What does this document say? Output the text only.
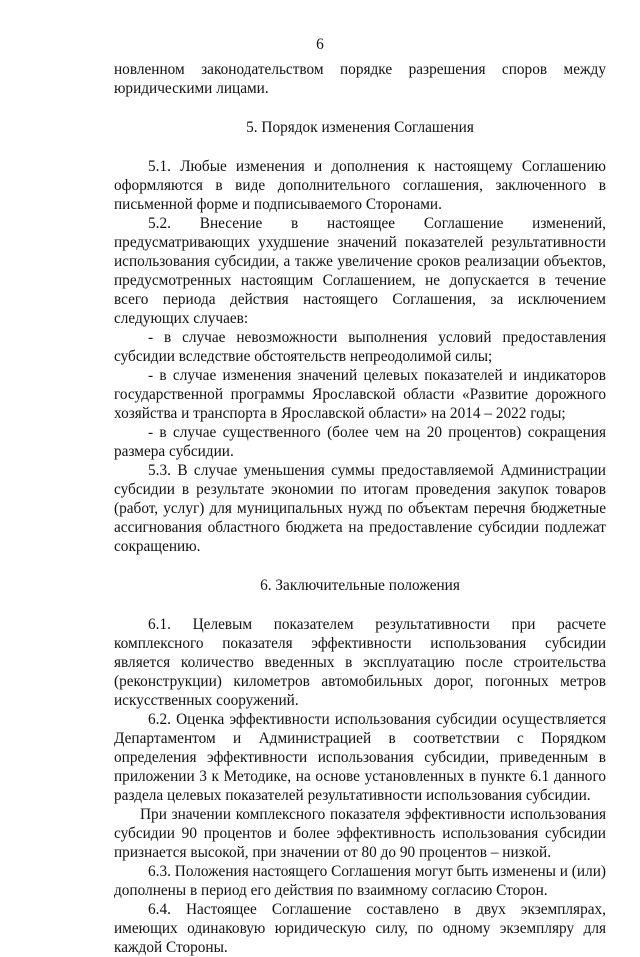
6

новленном законодательством порядке разрешения споров между юридическими лицами.

5. Порядок изменения Соглашения

5.1. Любые изменения и дополнения к настоящему Соглашению оформляются в виде дополнительного соглашения, заключенного в письменной форме и подписываемого Сторонами.

5.2. Внесение в настоящее Соглашение изменений, предусматривающих ухудшение значений показателей результативности использования субсидии, а также увеличение сроков реализации объектов, предусмотренных настоящим Соглашением, не допускается в течение всего периода действия настоящего Соглашения, за исключением следующих случаев:

- в случае невозможности выполнения условий предоставления субсидии вследствие обстоятельств непреодолимой силы;

- в случае изменения значений целевых показателей и индикаторов государственной программы Ярославской области «Развитие дорожного хозяйства и транспорта в Ярославской области» на 2014 – 2022 годы;

- в случае существенного (более чем на 20 процентов) сокращения размера субсидии.

5.3. В случае уменьшения суммы предоставляемой Администрации субсидии в результате экономии по итогам проведения закупок товаров (работ, услуг) для муниципальных нужд по объектам перечня бюджетные ассигнования областного бюджета на предоставление субсидии подлежат сокращению.

6. Заключительные положения

6.1. Целевым показателем результативности при расчете комплексного показателя эффективности использования субсидии является количество введенных в эксплуатацию после строительства (реконструкции) километров автомобильных дорог, погонных метров искусственных сооружений.

6.2. Оценка эффективности использования субсидии осуществляется Департаментом и Администрацией в соответствии с Порядком определения эффективности использования субсидии, приведенным в приложении 3 к Методике, на основе установленных в пункте 6.1 данного раздела целевых показателей результативности использования субсидии.

При значении комплексного показателя эффективности использования субсидии 90 процентов и более эффективность использования субсидии признается высокой, при значении от 80 до 90 процентов – низкой.

6.3. Положения настоящего Соглашения могут быть изменены и (или) дополнены в период его действия по взаимному согласию Сторон.

6.4. Настоящее Соглашение составлено в двух экземплярах, имеющих одинаковую юридическую силу, по одному экземпляру для каждой Стороны.
